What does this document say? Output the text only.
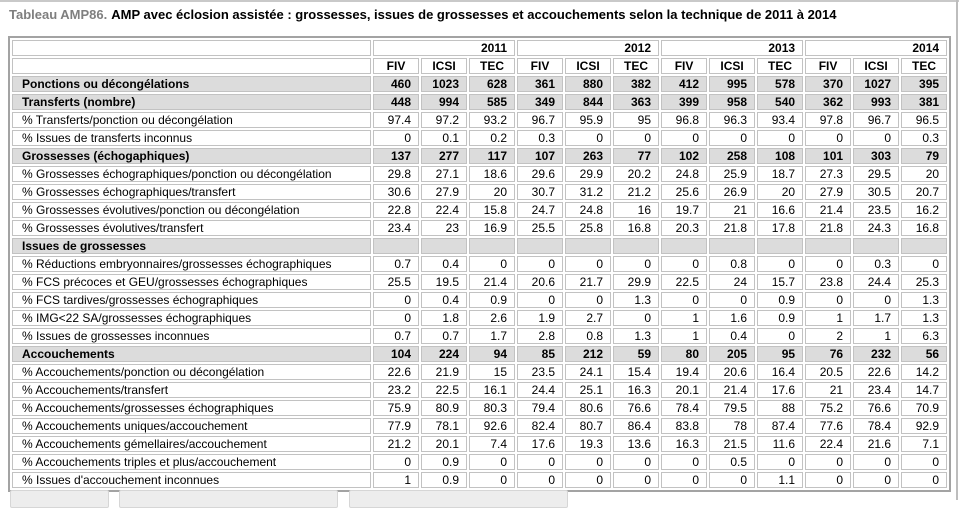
Tableau AMP86. AMP avec éclosion assistée : grossesses, issues de grossesses et accouchements selon la technique de 2011 à 2014
	2011			2012			2013			2014		
	FIV	ICSI	TEC	FIV	ICSI	TEC	FIV	ICSI	TEC	FIV	ICSI	TEC
Ponctions ou décongélations	460	1023	628	361	880	382	412	995	578	370	1027	395
Transferts (nombre)	448	994	585	349	844	363	399	958	540	362	993	381
% Transferts/ponction ou décongélation	97.4	97.2	93.2	96.7	95.9	95	96.8	96.3	93.4	97.8	96.7	96.5
% Issues de transferts inconnus	0	0.1	0.2	0.3	0	0	0	0	0	0	0	0.3
Grossesses (échogaphiques)	137	277	117	107	263	77	102	258	108	101	303	79
% Grossesses échographiques/ponction ou décongélation	29.8	27.1	18.6	29.6	29.9	20.2	24.8	25.9	18.7	27.3	29.5	20
% Grossesses échographiques/transfert	30.6	27.9	20	30.7	31.2	21.2	25.6	26.9	20	27.9	30.5	20.7
% Grossesses évolutives/ponction ou décongélation	22.8	22.4	15.8	24.7	24.8	16	19.7	21	16.6	21.4	23.5	16.2
% Grossesses évolutives/transfert	23.4	23	16.9	25.5	25.8	16.8	20.3	21.8	17.8	21.8	24.3	16.8
Issues de grossesses												
% Réductions embryonnaires/grossesses échographiques	0.7	0.4	0	0	0	0	0	0.8	0	0	0.3	0
% FCS précoces et GEU/grossesses échographiques	25.5	19.5	21.4	20.6	21.7	29.9	22.5	24	15.7	23.8	24.4	25.3
% FCS tardives/grossesses échographiques	0	0.4	0.9	0	0	1.3	0	0	0.9	0	0	1.3
% IMG<22 SA/grossesses échographiques	0	1.8	2.6	1.9	2.7	0	1	1.6	0.9	1	1.7	1.3
% Issues de grossesses inconnues	0.7	0.7	1.7	2.8	0.8	1.3	1	0.4	0	2	1	6.3
Accouchements	104	224	94	85	212	59	80	205	95	76	232	56
% Accouchements/ponction ou décongélation	22.6	21.9	15	23.5	24.1	15.4	19.4	20.6	16.4	20.5	22.6	14.2
% Accouchements/transfert	23.2	22.5	16.1	24.4	25.1	16.3	20.1	21.4	17.6	21	23.4	14.7
% Accouchements/grossesses échographiques	75.9	80.9	80.3	79.4	80.6	76.6	78.4	79.5	88	75.2	76.6	70.9
% Accouchements uniques/accouchement	77.9	78.1	92.6	82.4	80.7	86.4	83.8	78	87.4	77.6	78.4	92.9
% Accouchements gémellaires/accouchement	21.2	20.1	7.4	17.6	19.3	13.6	16.3	21.5	11.6	22.4	21.6	7.1
% Accouchements triples et plus/accouchement	0	0.9	0	0	0	0	0	0.5	0	0	0	0
% Issues d'accouchement inconnues	1	0.9	0	0	0	0	0	0	1.1	0	0	0
